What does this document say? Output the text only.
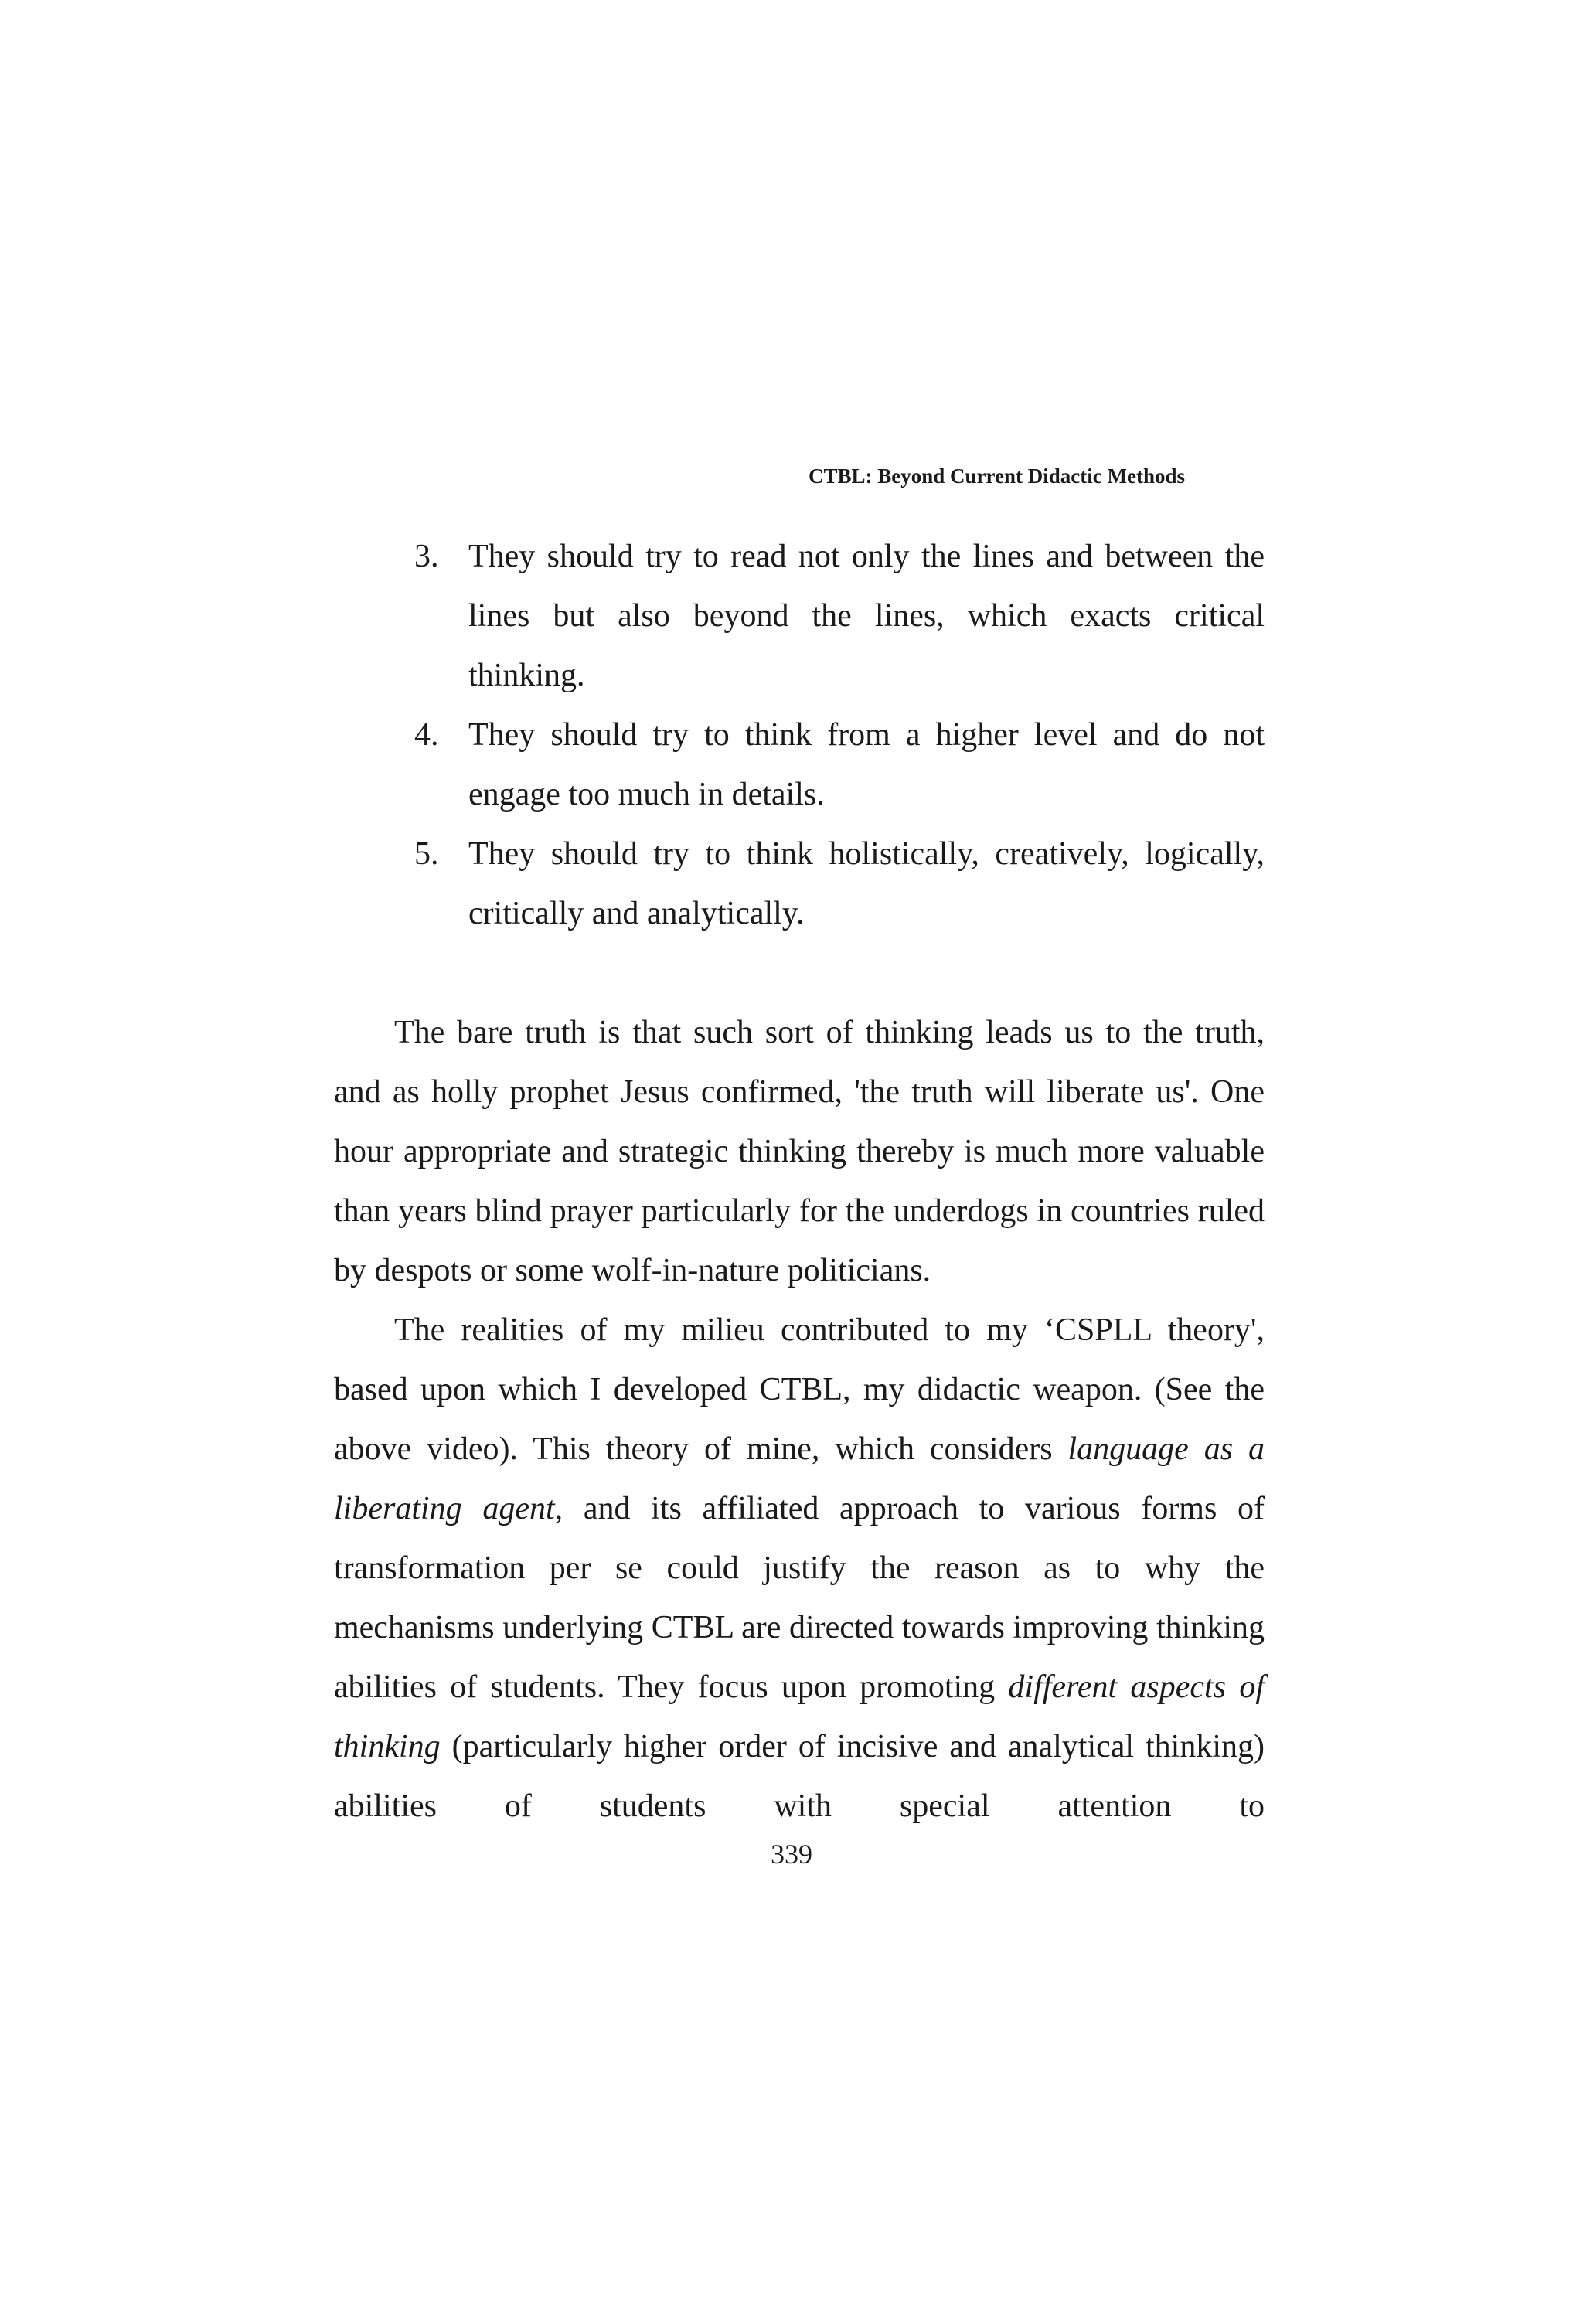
CTBL: Beyond Current Didactic Methods
3. They should try to read not only the lines and between the lines but also beyond the lines, which exacts critical thinking.
4. They should try to think from a higher level and do not engage too much in details.
5. They should try to think holistically, creatively, logically, critically and analytically.

The bare truth is that such sort of thinking leads us to the truth, and as holly prophet Jesus confirmed, 'the truth will liberate us'. One hour appropriate and strategic thinking thereby is much more valuable than years blind prayer particularly for the underdogs in countries ruled by despots or some wolf-in-nature politicians.

The realities of my milieu contributed to my ‘CSPLL theory', based upon which I developed CTBL, my didactic weapon. (See the above video). This theory of mine, which considers language as a liberating agent, and its affiliated approach to various forms of transformation per se could justify the reason as to why the mechanisms underlying CTBL are directed towards improving thinking abilities of students. They focus upon promoting different aspects of thinking (particularly higher order of incisive and analytical thinking) abilities of students with special attention to

339
